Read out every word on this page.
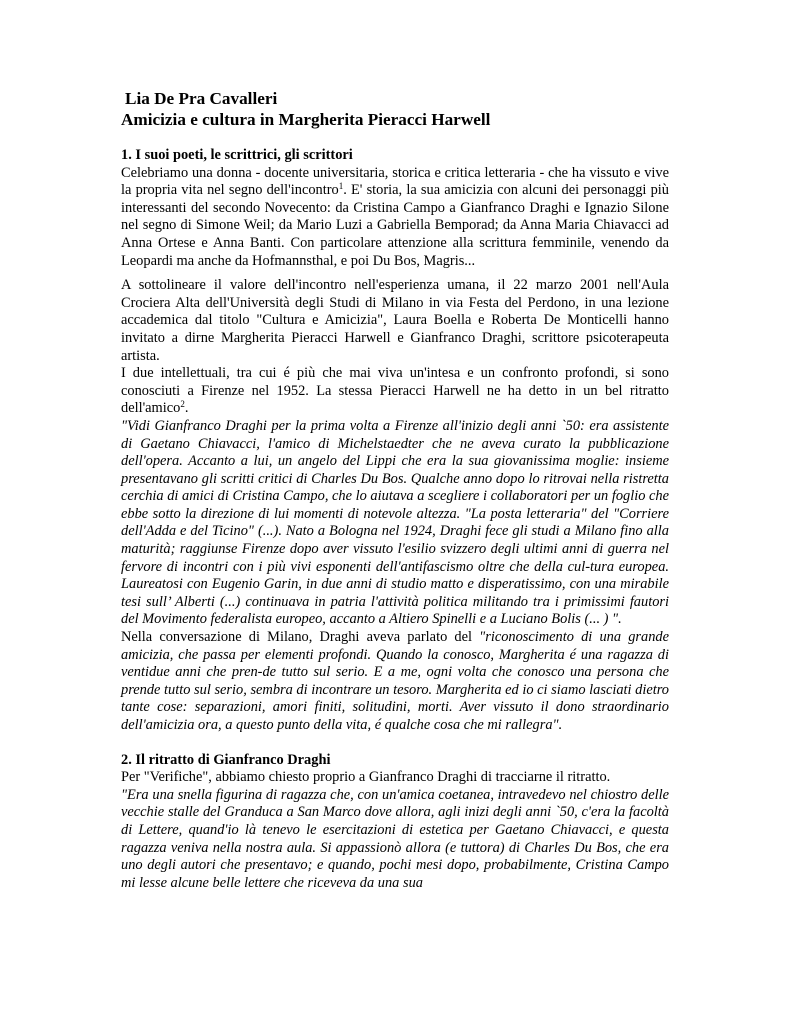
Lia De Pra Cavalleri
Amicizia e cultura in Margherita Pieracci Harwell
1. I suoi poeti, le scrittrici, gli scrittori

Celebriamo una donna - docente universitaria, storica e critica letteraria - che ha vissuto e vive la propria vita nel segno dell'incontro$^1$. E' storia, la sua amicizia con alcuni dei personaggi più interessanti del secondo Novecento: da Cristina Campo a Gianfranco Draghi e Ignazio Silone nel segno di Simone Weil; da Mario Luzi a Gabriella Bemporad; da Anna Maria Chiavacci ad Anna Ortese e Anna Banti. Con particolare attenzione alla scrittura femminile, venendo da Leopardi ma anche da Hofmannsthal, e poi Du Bos, Magris...

A sottolineare il valore dell'incontro nell'esperienza umana, il 22 marzo 2001 nell'Aula Crociera Alta dell'Università degli Studi di Milano in via Festa del Perdono, in una lezione accademica dal titolo "Cultura e Amicizia", Laura Boella e Roberta De Monticelli hanno invitato a dirne Margherita Pieracci Harwell e Gianfranco Draghi, scrittore psicoterapeuta artista.

I due intellettuali, tra cui é più che mai viva un'intesa e un confronto profondi, si sono conosciuti a Firenze nel 1952. La stessa Pieracci Harwell ne ha detto in un bel ritratto dell'amico$^2$.

"Vidi Gianfranco Draghi per la prima volta a Firenze all'inizio degli anni `50: era assistente di Gaetano Chiavacci, l'amico di Michelstaedter che ne aveva curato la pubblicazione dell'opera. Accanto a lui, un angelo del Lippi che era la sua giovanissima moglie: insieme presentavano gli scritti critici di Charles Du Bos. Qualche anno dopo lo ritrovai nella ristretta cerchia di amici di Cristina Campo, che lo aiutava a scegliere i collaboratori per un foglio che ebbe sotto la direzione di lui momenti di notevole altezza. "La posta letteraria" del "Corriere dell'Adda e del Ticino" (...). Nato a Bologna nel 1924, Draghi fece gli studi a Milano fino alla maturità; raggiunse Firenze dopo aver vissuto l'esilio svizzero degli ultimi anni di guerra nel fervore di incontri con i più vivi esponenti dell'antifascismo oltre che della cul-tura europea. Laureatosi con Eugenio Garin, in due anni di studio matto e disperatissimo, con una mirabile tesi sull’ Alberti (...) continuava in patria l'attività politica militando tra i primissimi fautori del Movimento federalista europeo, accanto a Altiero Spinelli e a Luciano Bolis (... ) ".

Nella conversazione di Milano, Draghi aveva parlato del "riconoscimento di una grande amicizia, che passa per elementi profondi. Quando la conosco, Margherita é una ragazza di ventidue anni che pren-de tutto sul serio. E a me, ogni volta che conosco una persona che prende tutto sul serio, sembra di incontrare un tesoro. Margherita ed io ci siamo lasciati dietro tante cose: separazioni, amori finiti, solitudini, morti. Aver vissuto il dono straordinario dell'amicizia ora, a questo punto della vita, é qualche cosa che mi rallegra".

2. Il ritratto di Gianfranco Draghi

Per "Verifiche", abbiamo chiesto proprio a Gianfranco Draghi di tracciarne il ritratto.

"Era una snella figurina di ragazza che, con un'amica coetanea, intravedevo nel chiostro delle vecchie stalle del Granduca a San Marco dove allora, agli inizi degli anni `50, c'era la facoltà di Lettere, quand'io là tenevo le esercitazioni di estetica per Gaetano Chiavacci, e questa ragazza veniva nella nostra aula. Si appassionò allora (e tuttora) di Charles Du Bos, che era uno degli autori che presentavo; e quando, pochi mesi dopo, probabilmente, Cristina Campo mi lesse alcune belle lettere che riceveva da una sua
